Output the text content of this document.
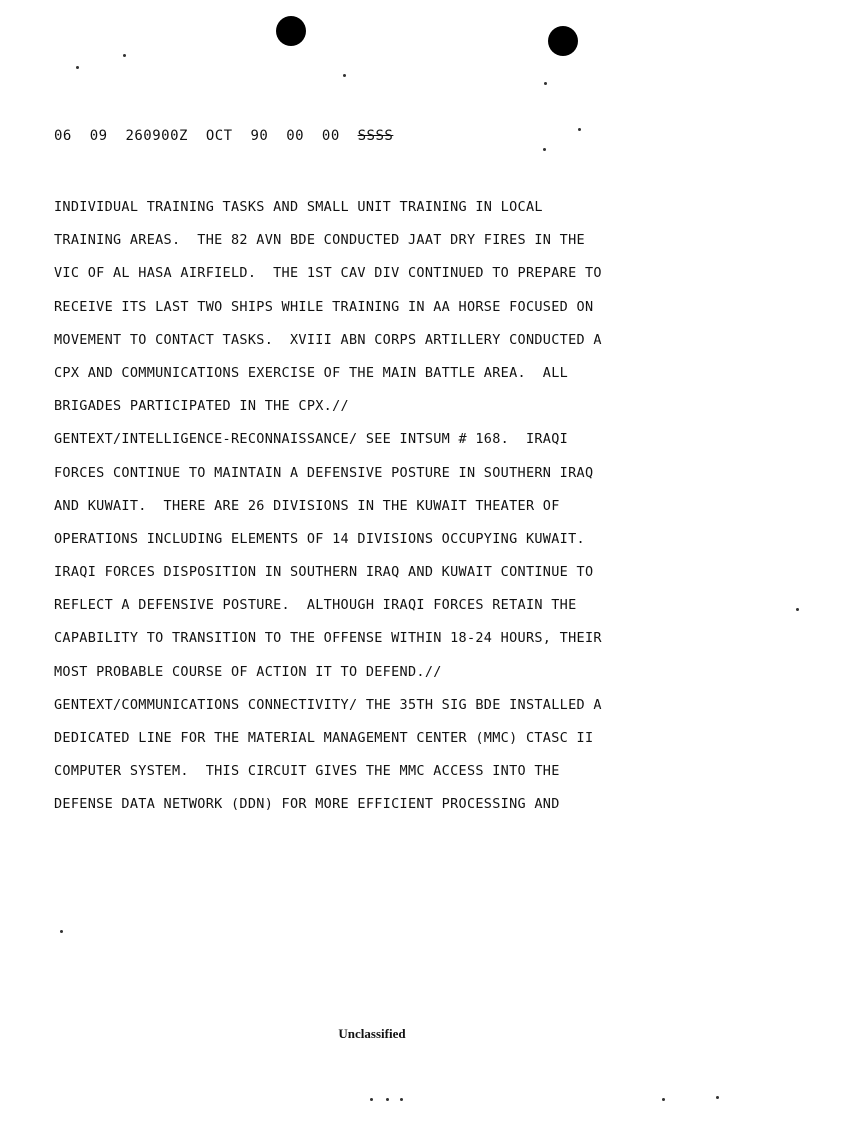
06 09 260900Z OCT 90 00 00 SSSS
INDIVIDUAL TRAINING TASKS AND SMALL UNIT TRAINING IN LOCAL
TRAINING AREAS.  THE 82 AVN BDE CONDUCTED JAAT DRY FIRES IN THE
VIC OF AL HASA AIRFIELD.  THE 1ST CAV DIV CONTINUED TO PREPARE TO
RECEIVE ITS LAST TWO SHIPS WHILE TRAINING IN AA HORSE FOCUSED ON
MOVEMENT TO CONTACT TASKS.  XVIII ABN CORPS ARTILLERY CONDUCTED A
CPX AND COMMUNICATIONS EXERCISE OF THE MAIN BATTLE AREA.  ALL
BRIGADES PARTICIPATED IN THE CPX.//
GENTEXT/INTELLIGENCE-RECONNAISSANCE/ SEE INTSUM # 168.  IRAQI
FORCES CONTINUE TO MAINTAIN A DEFENSIVE POSTURE IN SOUTHERN IRAQ
AND KUWAIT.  THERE ARE 26 DIVISIONS IN THE KUWAIT THEATER OF
OPERATIONS INCLUDING ELEMENTS OF 14 DIVISIONS OCCUPYING KUWAIT.
IRAQI FORCES DISPOSITION IN SOUTHERN IRAQ AND KUWAIT CONTINUE TO
REFLECT A DEFENSIVE POSTURE.  ALTHOUGH IRAQI FORCES RETAIN THE
CAPABILITY TO TRANSITION TO THE OFFENSE WITHIN 18-24 HOURS, THEIR
MOST PROBABLE COURSE OF ACTION IT TO DEFEND.//
GENTEXT/COMMUNICATIONS CONNECTIVITY/ THE 35TH SIG BDE INSTALLED A
DEDICATED LINE FOR THE MATERIAL MANAGEMENT CENTER (MMC) CTASC II
COMPUTER SYSTEM.  THIS CIRCUIT GIVES THE MMC ACCESS INTO THE
DEFENSE DATA NETWORK (DDN) FOR MORE EFFICIENT PROCESSING AND
Unclassified
